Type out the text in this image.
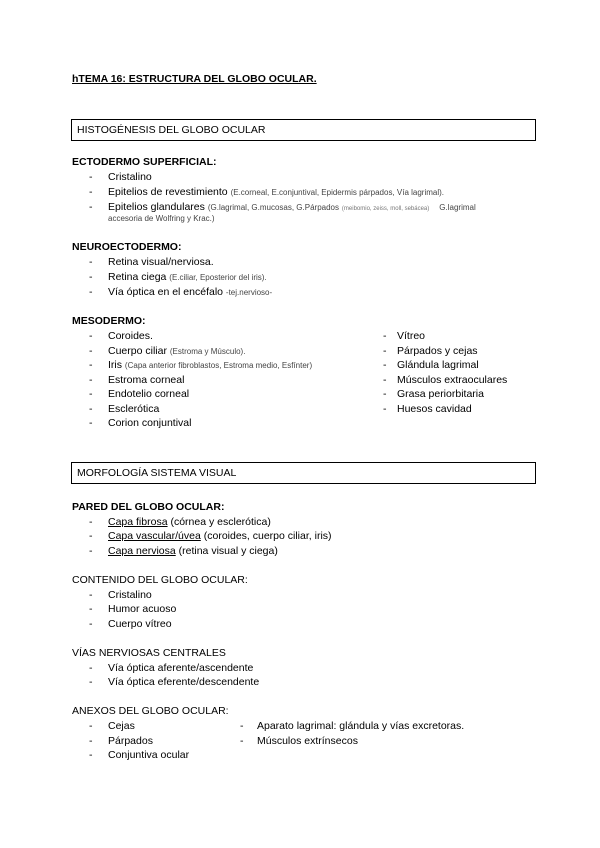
hTEMA 16: ESTRUCTURA DEL GLOBO OCULAR.
HISTOGÉNESIS DEL GLOBO OCULAR
ECTODERMO SUPERFICIAL:
- Cristalino
- Epitelios de revestimiento (E.corneal, E.conjuntival, Epidermis párpados, Vía lagrimal).
- Epitelios glandulares (G.lagrimal, G.mucosas, G.Párpados (meibomio, zeiss, moll, sebácea) G.lagrimal
accesoria de Wolfring y Krac.)
NEUROECTODERMO:
- Retina visual/nerviosa.
- Retina ciega (E.ciliar, Eposterior del iris).
- Vía óptica en el encéfalo -tej.nervioso-
MESODERMO:
- Coroides.
- Cuerpo ciliar (Estroma y Músculo).
- Iris (Capa anterior fibroblastos, Estroma medio, Esfínter)
- Estroma corneal
- Endotelio corneal
- Esclerótica
- Corion conjuntival
- Vítreo
- Párpados y cejas
- Glándula lagrimal
- Músculos extraoculares
- Grasa periorbitaria
- Huesos cavidad
MORFOLOGÍA SISTEMA VISUAL
PARED DEL GLOBO OCULAR:
- Capa fibrosa (córnea y esclerótica)
- Capa vascular/úvea (coroides, cuerpo ciliar, iris)
- Capa nerviosa (retina visual y ciega)
CONTENIDO DEL GLOBO OCULAR:
- Cristalino
- Humor acuoso
- Cuerpo vítreo
VÍAS NERVIOSAS CENTRALES
- Vía óptica aferente/ascendente
- Vía óptica eferente/descendente
ANEXOS DEL GLOBO OCULAR:
- Cejas
- Párpados
- Conjuntiva ocular
- Aparato lagrimal: glándula y vías excretoras.
- Músculos extrínsecos
